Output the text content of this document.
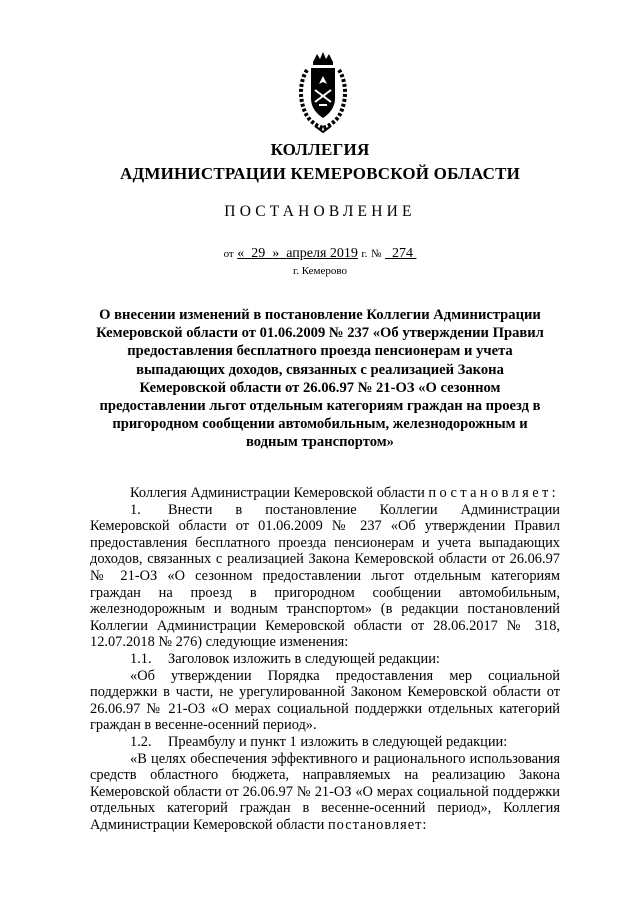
КОЛЛЕГИЯ
АДМИНИСТРАЦИИ КЕМЕРОВСКОЙ ОБЛАСТИ
ПОСТАНОВЛЕНИЕ
от « 29 » апреля 2019 г. № 274
г. Кемерово
О внесении изменений в постановление Коллегии Администрации Кемеровской области от 01.06.2009 № 237 «Об утверждении Правил предоставления бесплатного проезда пенсионерам и учета выпадающих доходов, связанных с реализацией Закона Кемеровской области от 26.06.97 № 21-ОЗ «О сезонном предоставлении льгот отдельным категориям граждан на проезд в пригородном сообщении автомобильным, железнодорожным и водным транспортом»

Коллегия Администрации Кемеровской области постановляет:

1. Внести в постановление Коллегии Администрации Кемеровской области от 01.06.2009 № 237 «Об утверждении Правил предоставления бесплатного проезда пенсионерам и учета выпадающих доходов, связанных с реализацией Закона Кемеровской области от 26.06.97 № 21-ОЗ «О сезонном предоставлении льгот отдельным категориям граждан на проезд в пригородном сообщении автомобильным, железнодорожным и водным транспортом» (в редакции постановлений Коллегии Администрации Кемеровской области от 28.06.2017 № 318, 12.07.2018 № 276) следующие изменения:

1.1. Заголовок изложить в следующей редакции:

«Об утверждении Порядка предоставления мер социальной поддержки в части, не урегулированной Законом Кемеровской области от 26.06.97 № 21-ОЗ «О мерах социальной поддержки отдельных категорий граждан в весенне-осенний период».

1.2. Преамбулу и пункт 1 изложить в следующей редакции:

«В целях обеспечения эффективного и рационального использования средств областного бюджета, направляемых на реализацию Закона Кемеровской области от 26.06.97 № 21-ОЗ «О мерах социальной поддержки отдельных категорий граждан в весенне-осенний период», Коллегия Администрации Кемеровской области постановляет:
